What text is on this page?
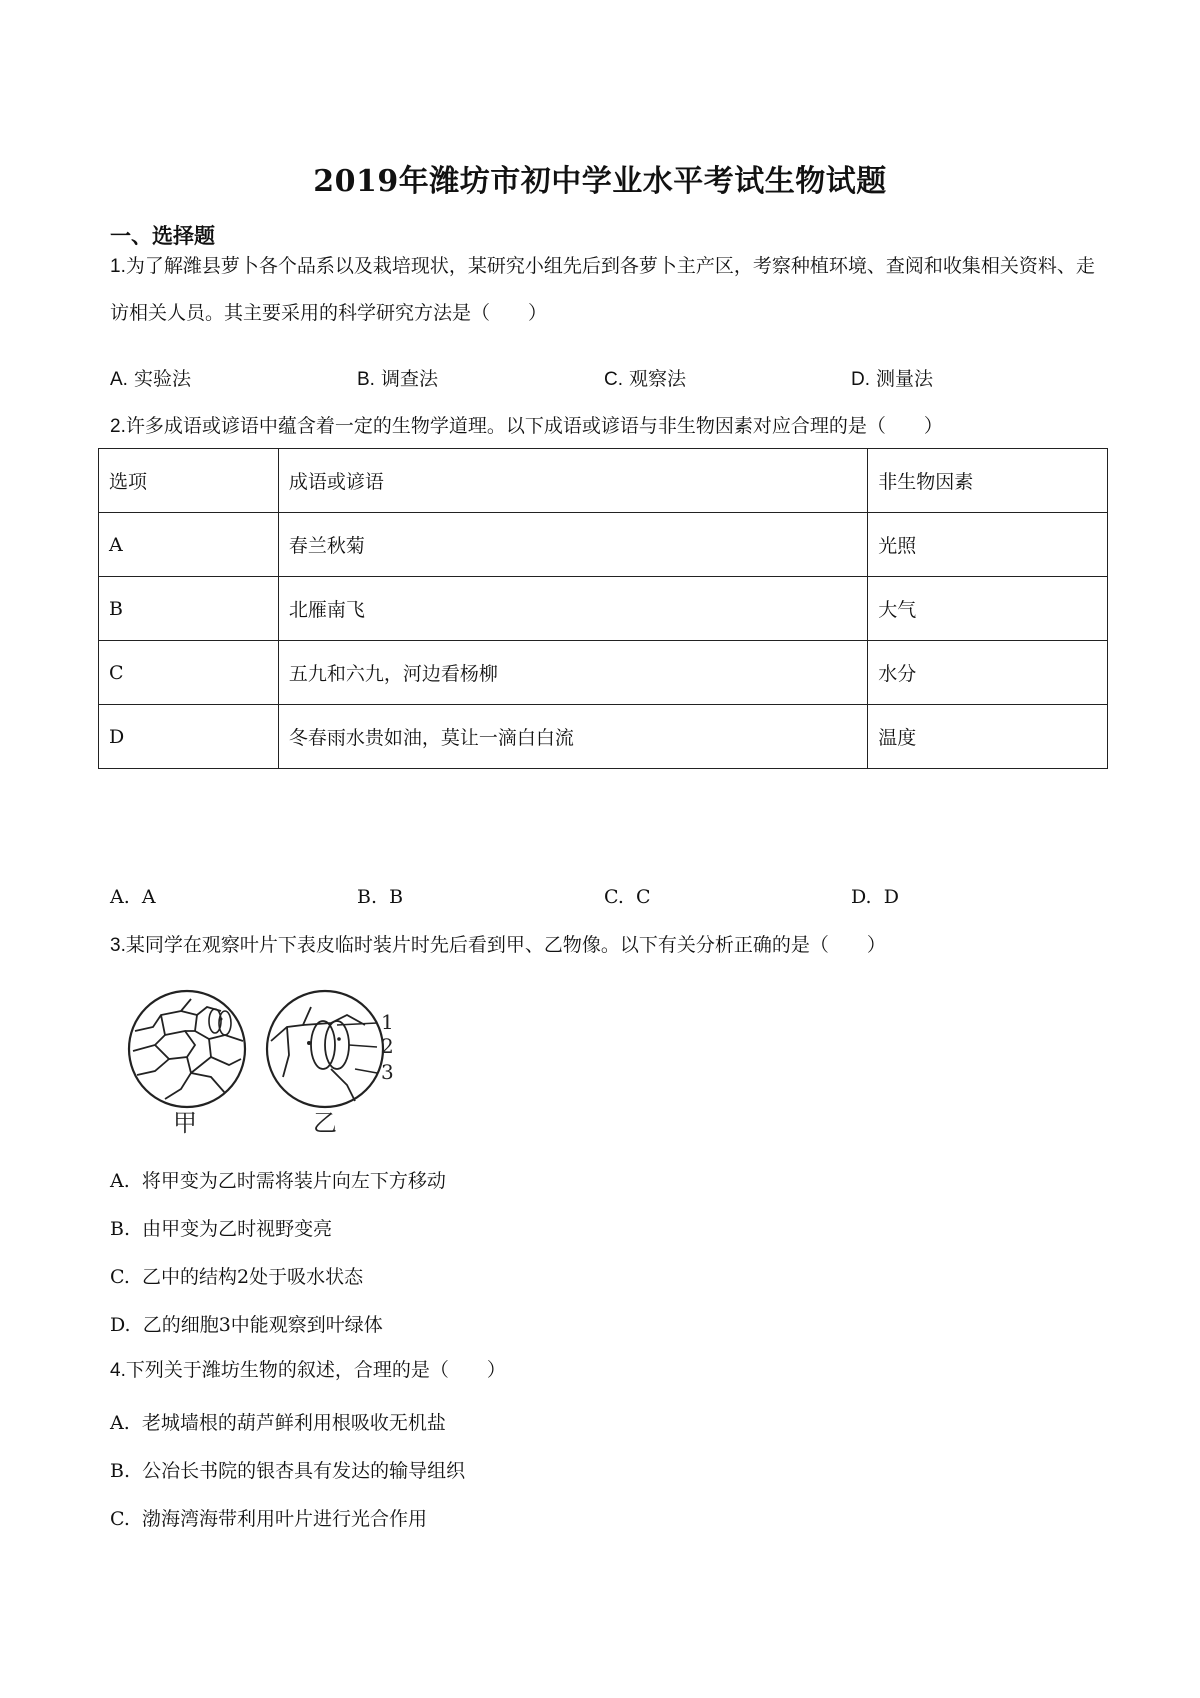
2019年潍坊市初中学业水平考试生物试题
一、选择题
1.为了解潍县萝卜各个品系以及栽培现状，某研究小组先后到各萝卜主产区，考察种植环境、查阅和收集相关资料、走访相关人员。其主要采用的科学研究方法是（　　）
A. 实验法	B. 调查法	C. 观察法	D. 测量法
2.许多成语或谚语中蕴含着一定的生物学道理。以下成语或谚语与非生物因素对应合理的是（　　）
选项	成语或谚语	非生物因素
A	春兰秋菊	光照
B	北雁南飞	大气
C	五九和六九，河边看杨柳	水分
D	冬春雨水贵如油，莫让一滴白白流	温度
A. A	B. B	C. C	D. D
3.某同学在观察叶片下表皮临时装片时先后看到甲、乙物像。以下有关分析正确的是（　　）
1
2
3
甲	乙
A. 将甲变为乙时需将装片向左下方移动
B. 由甲变为乙时视野变亮
C. 乙中的结构2处于吸水状态
D. 乙的细胞3中能观察到叶绿体
4.下列关于潍坊生物的叙述，合理的是（　　）
A. 老城墙根的葫芦鲜利用根吸收无机盐
B. 公冶长书院的银杏具有发达的输导组织
C. 渤海湾海带利用叶片进行光合作用
